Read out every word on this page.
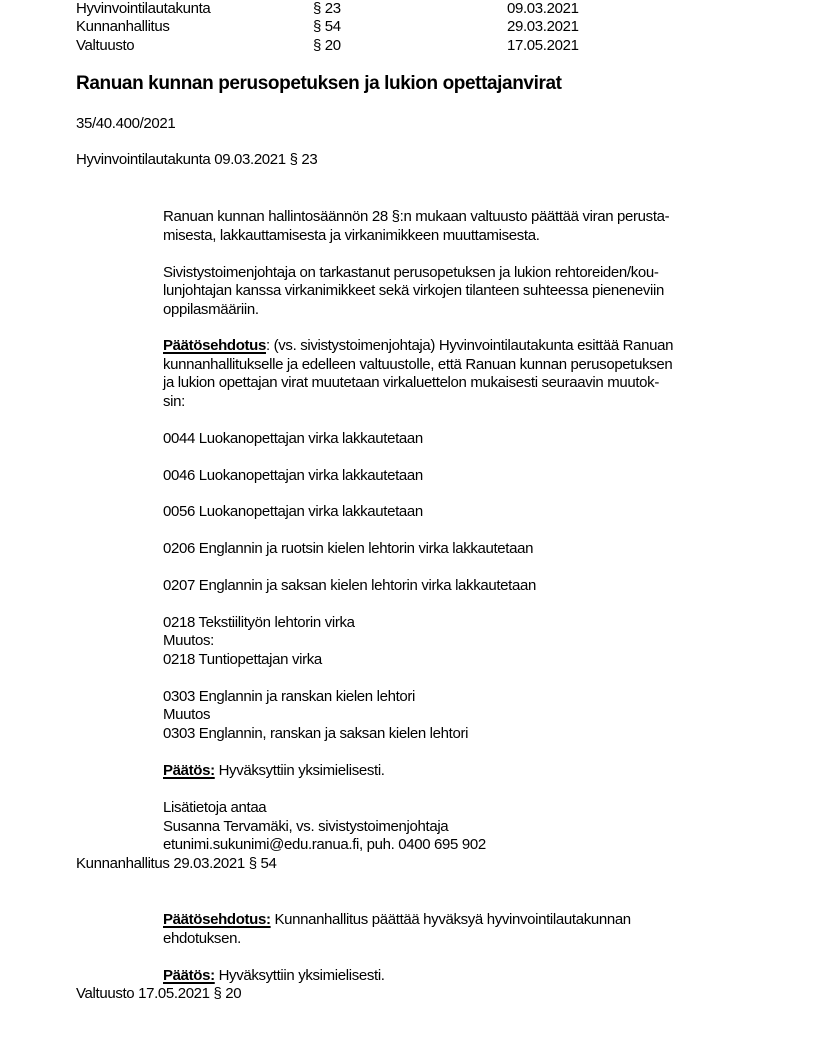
Hyvinvointilautakunta	§ 23	09.03.2021
Kunnanhallitus	§ 54	29.03.2021
Valtuusto	§ 20	17.05.2021
Ranuan kunnan perusopetuksen ja lukion opettajanvirat
35/40.400/2021
Hyvinvointilautakunta 09.03.2021 § 23
Ranuan kunnan hallintosäännön 28 §:n mukaan valtuusto päättää viran perusta-
misesta, lakkauttamisesta ja virkanimikkeen muuttamisesta.
Sivistystoimenjohtaja on tarkastanut perusopetuksen ja lukion rehtoreiden/kou-
lunjohtajan kanssa virkanimikkeet sekä virkojen tilanteen suhteessa pieneneviin
oppilasmääriin.
Päätösehdotus: (vs. sivistystoimenjohtaja) Hyvinvointilautakunta esittää Ranuan
kunnanhallitukselle ja edelleen valtuustolle, että Ranuan kunnan perusopetuksen
ja lukion opettajan virat muutetaan virkaluettelon mukaisesti seuraavin muutok-
sin:
0044 Luokanopettajan virka lakkautetaan
0046 Luokanopettajan virka lakkautetaan
0056 Luokanopettajan virka lakkautetaan
0206 Englannin ja ruotsin kielen lehtorin virka lakkautetaan
0207 Englannin ja saksan kielen lehtorin virka lakkautetaan
0218 Tekstiilityön lehtorin virka
Muutos:
0218 Tuntiopettajan virka
0303 Englannin ja ranskan kielen lehtori
Muutos
0303 Englannin, ranskan ja saksan kielen lehtori
Päätös: Hyväksyttiin yksimielisesti.
Lisätietoja antaa
Susanna Tervamäki, vs. sivistystoimenjohtaja
etunimi.sukunimi@edu.ranua.fi, puh. 0400 695 902
Kunnanhallitus 29.03.2021 § 54
Päätösehdotus: Kunnanhallitus päättää hyväksyä hyvinvointilautakunnan
ehdotuksen.
Päätös: Hyväksyttiin yksimielisesti.
Valtuusto 17.05.2021 § 20
